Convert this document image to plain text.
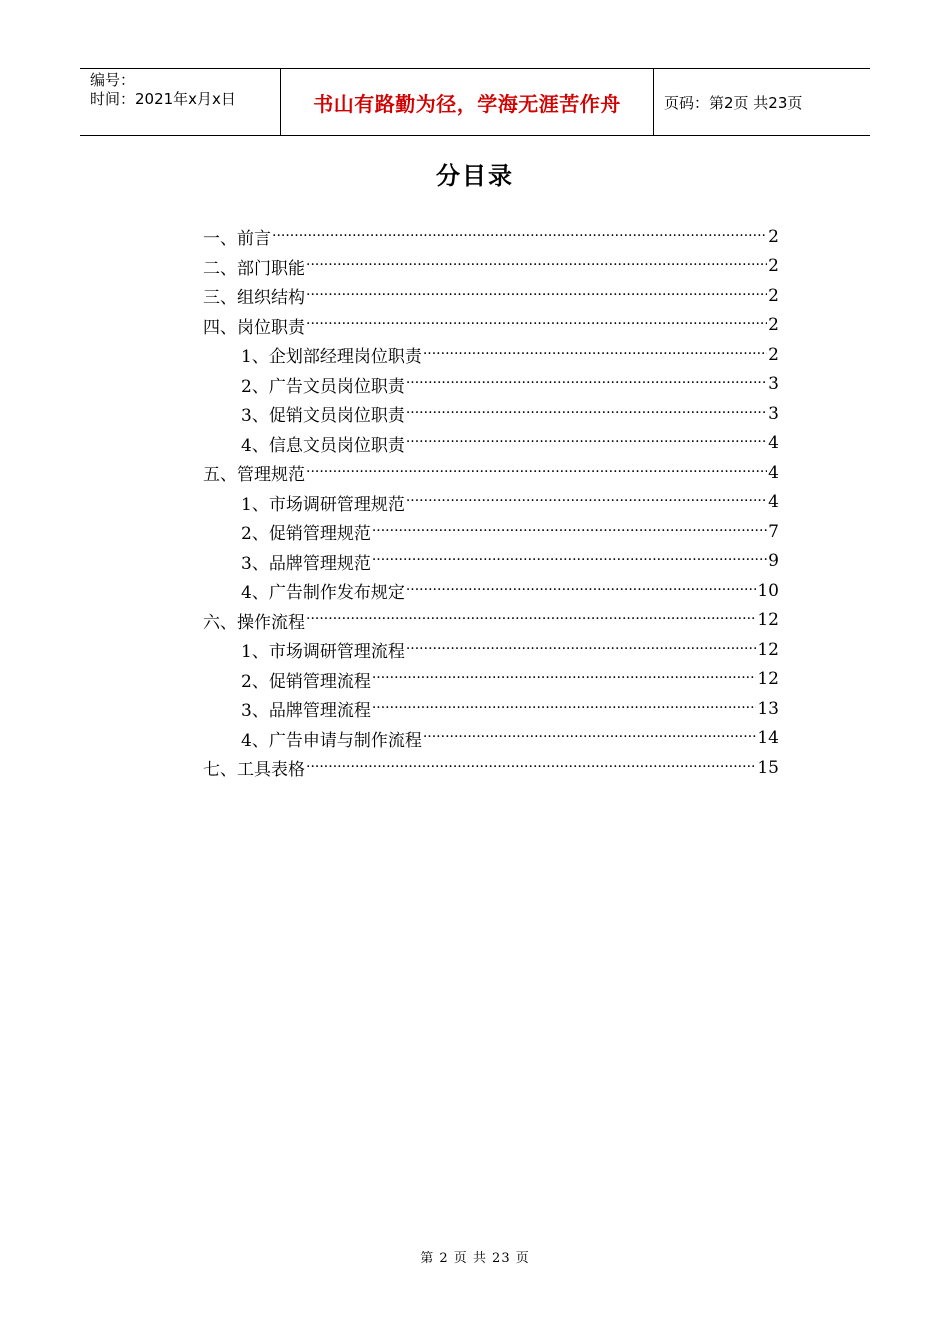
编号：
时间：2021年x月x日	书山有路勤为径，学海无涯苦作舟	页码：第2页 共23页
分目录
一、前言 ·····	2
二、部门职能 ·····	2
三、组织结构 ·····	2
四、岗位职责 ·····	2
1、企划部经理岗位职责 ·····	2
2、广告文员岗位职责 ·····	3
3、促销文员岗位职责 ·····	3
4、信息文员岗位职责 ·····	4
五、管理规范 ·····	4
1、市场调研管理规范 ·····	4
2、促销管理规范 ·····	7
3、品牌管理规范 ·····	9
4、广告制作发布规定 ·····	10
六、操作流程 ·····	12
1、市场调研管理流程 ·····	12
2、促销管理流程 ·····	12
3、品牌管理流程 ·····	13
4、广告申请与制作流程 ·····	14
七、工具表格 ·····	15
第 2 页 共 23 页
